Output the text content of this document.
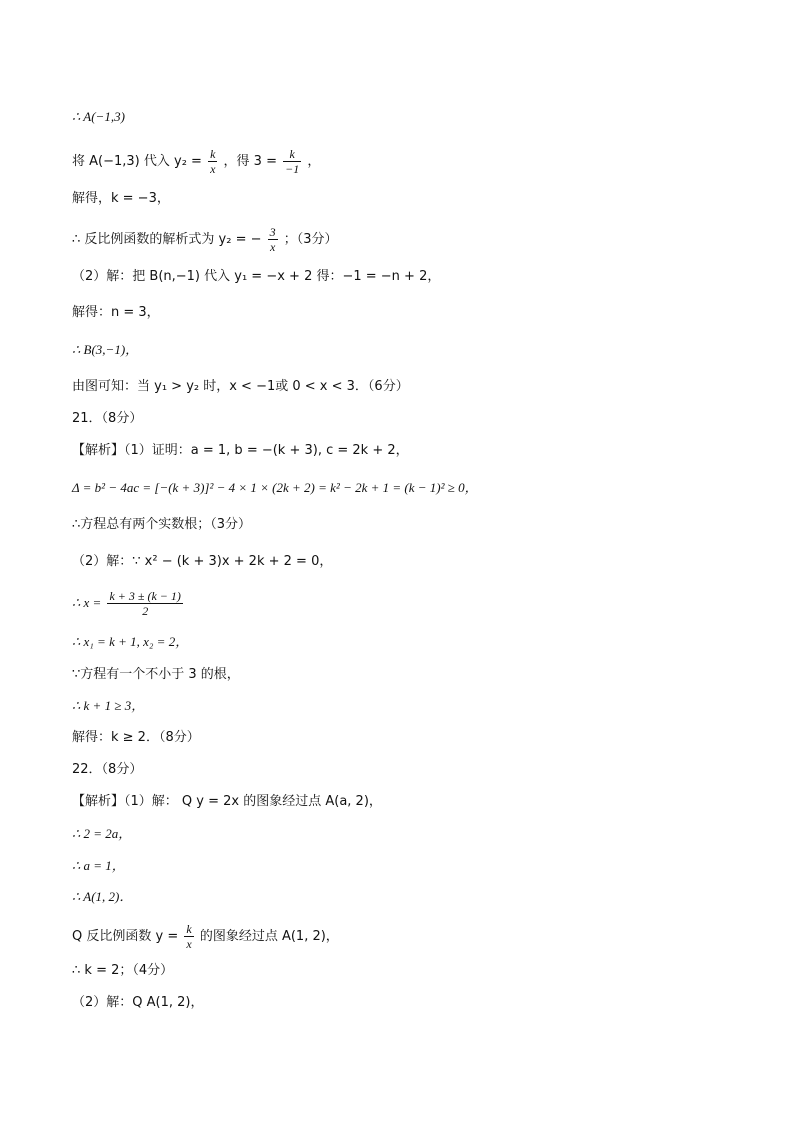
∴ A(−1,3)
将 A(−1,3) 代入 $y_2 = \frac{k}{x}$ ，得 $3 = \frac{k}{-1}$ ，
解得，k = −3，
∴ 反比例函数的解析式为 y₂ = − $\frac{3}{x}$ ；（3分）
（2）解：把 B(n,−1) 代入 y₁ = −x + 2 得：−1 = −n + 2，
解得：n = 3，
∴ B(3,−1)，
由图可知：当 y₁ > y₂ 时，x < −1或 0 < x < 3．（6分）
21．（8分）
【解析】（1）证明：a = 1, b = −(k + 3), c = 2k + 2，
Δ = b² − 4ac = [−(k + 3)]² − 4 × 1 × (2k + 2) = k² − 2k + 1 = (k − 1)² ≥ 0，
∴方程总有两个实数根；（3分）
（2）解：∵ x² − (k + 3)x + 2k + 2 = 0，
∴ $x = \frac{k + 3 \pm (k - 1)}{2}$
∴ x₁ = k + 1, x₂ = 2，
∵方程有一个不小于 3 的根，
∴ k + 1 ≥ 3，
解得：k ≥ 2．（8分）
22．（8分）
【解析】（1）解： Q y = 2x 的图象经过点 A(a, 2)，
∴ 2 = 2a，
∴ a = 1，
∴ A(1, 2)．
Q 反比例函数 $y = \frac{k}{x}$ 的图象经过点 A(1, 2)，
∴ k = 2；（4分）
（2）解：Q A(1, 2)，
